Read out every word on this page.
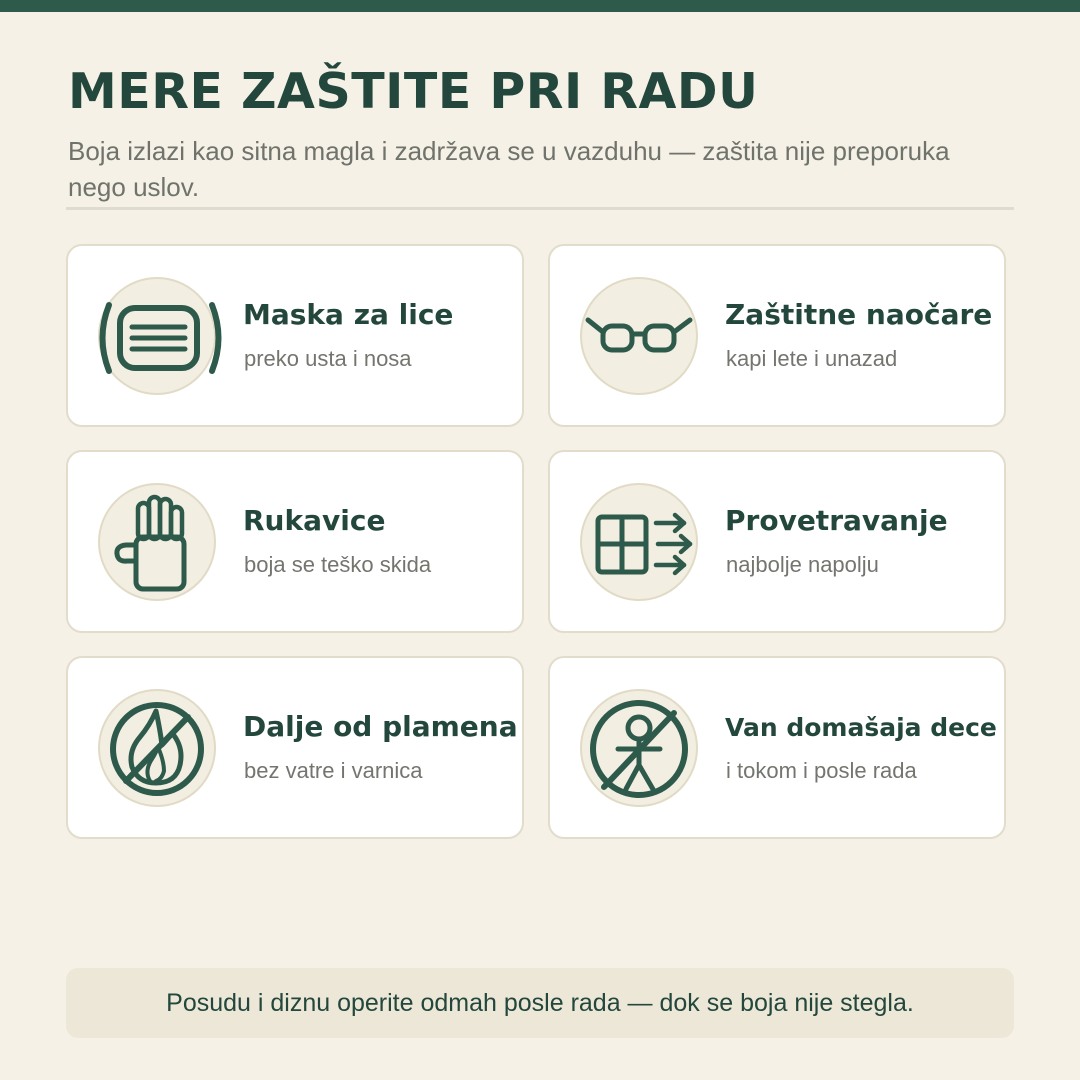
MERE ZAŠTITE PRI RADU

Boja izlazi kao sitna magla i zadržava se u vazduhu — zaštita nije preporuka nego uslov.

Maska za lice

preko usta i nosa

Zaštitne naočare

kapi lete i unazad

Rukavice

boja se teško skida

Provetravanje

najbolje napolju

Dalje od plamena

bez vatre i varnica

Van domašaja dece

i tokom i posle rada

Posudu i diznu operite odmah posle rada — dok se boja nije stegla.
